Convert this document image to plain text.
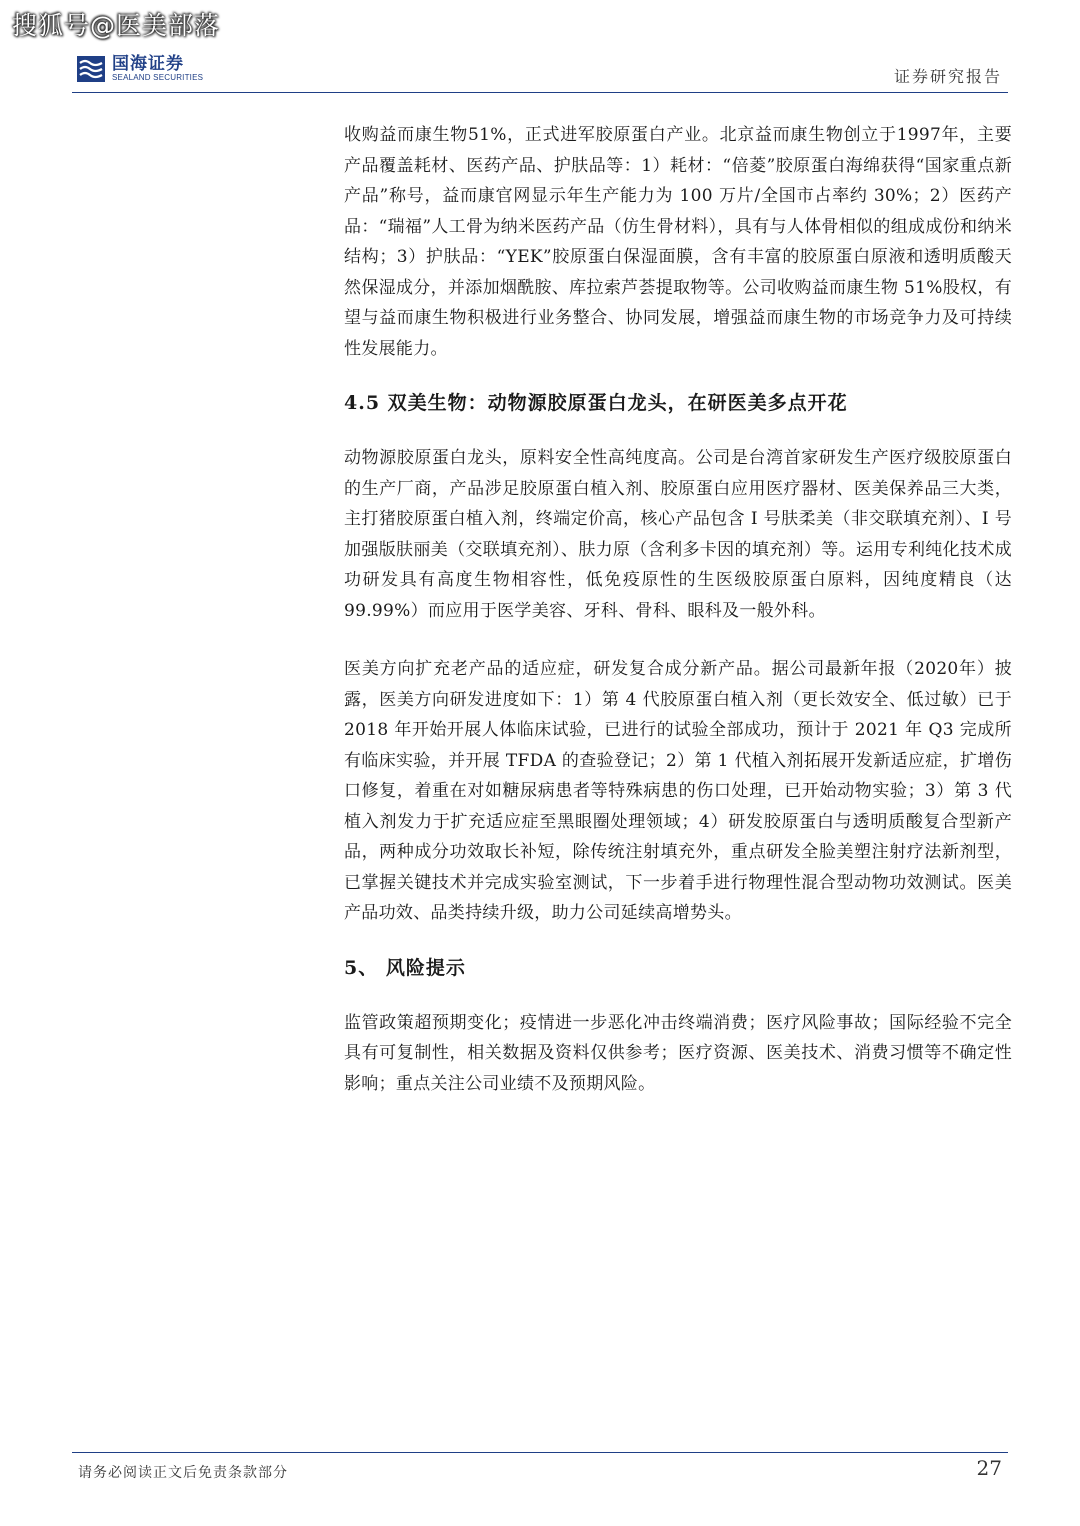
搜狐号@医美部落
国海证券
SEALAND SECURITIES	证券研究报告

收购益而康生物51%，正式进军胶原蛋白产业。北京益而康生物创立于1997年，主要产品覆盖耗材、医药产品、护肤品等：1）耗材：“倍菱”胶原蛋白海绵获得“国家重点新产品”称号，益而康官网显示年生产能力为 100 万片/全国市占率约 30%；2）医药产品：“瑞福”人工骨为纳米医药产品（仿生骨材料），具有与人体骨相似的组成成份和纳米结构；3）护肤品：“YEK”胶原蛋白保湿面膜，含有丰富的胶原蛋白原液和透明质酸天然保湿成分，并添加烟酰胺、库拉索芦荟提取物等。公司收购益而康生物 51%股权，有望与益而康生物积极进行业务整合、协同发展，增强益而康生物的市场竞争力及可持续性发展能力。

4.5 双美生物：动物源胶原蛋白龙头，在研医美多点开花

动物源胶原蛋白龙头，原料安全性高纯度高。公司是台湾首家研发生产医疗级胶原蛋白的生产厂商，产品涉足胶原蛋白植入剂、胶原蛋白应用医疗器材、医美保养品三大类，主打猪胶原蛋白植入剂，终端定价高，核心产品包含 I 号肤柔美（非交联填充剂）、I 号加强版肤丽美（交联填充剂）、肤力原（含利多卡因的填充剂）等。运用专利纯化技术成功研发具有高度生物相容性，低免疫原性的生医级胶原蛋白原料，因纯度精良（达 99.99%）而应用于医学美容、牙科、骨科、眼科及一般外科。

医美方向扩充老产品的适应症，研发复合成分新产品。据公司最新年报（2020年）披露，医美方向研发进度如下：1）第 4 代胶原蛋白植入剂（更长效安全、低过敏）已于 2018 年开始开展人体临床试验，已进行的试验全部成功，预计于 2021 年 Q3 完成所有临床实验，并开展 TFDA 的查验登记；2）第 1 代植入剂拓展开发新适应症，扩增伤口修复，着重在对如糖尿病患者等特殊病患的伤口处理，已开始动物实验；3）第 3 代植入剂发力于扩充适应症至黑眼圈处理领域；4）研发胶原蛋白与透明质酸复合型新产品，两种成分功效取长补短，除传统注射填充外，重点研发全脸美塑注射疗法新剂型，已掌握关键技术并完成实验室测试，下一步着手进行物理性混合型动物功效测试。医美产品功效、品类持续升级，助力公司延续高增势头。

5、 风险提示

监管政策超预期变化；疫情进一步恶化冲击终端消费；医疗风险事故；国际经验不完全具有可复制性，相关数据及资料仅供参考；医疗资源、医美技术、消费习惯等不确定性影响；重点关注公司业绩不及预期风险。

请务必阅读正文后免责条款部分	27
